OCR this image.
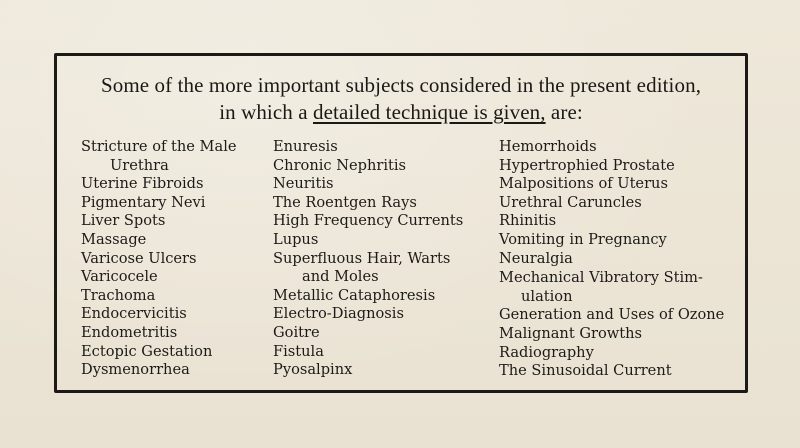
Some of the more important subjects considered in the present edition,
in which a detailed technique is given, are:
Stricture of the Male
Urethra
Uterine Fibroids
Pigmentary Nevi
Liver Spots
Massage
Varicose Ulcers
Varicocele
Trachoma
Endocervicitis
Endometritis
Ectopic Gestation
Dysmenorrhea
Enuresis
Chronic Nephritis
Neuritis
The Roentgen Rays
High Frequency Currents
Lupus
Superfluous Hair, Warts
and Moles
Metallic Cataphoresis
Electro-Diagnosis
Goitre
Fistula
Pyosalpinx
Hemorrhoids
Hypertrophied Prostate
Malpositions of Uterus
Urethral Caruncles
Rhinitis
Vomiting in Pregnancy
Neuralgia
Mechanical Vibratory Stim-
ulation
Generation and Uses of Ozone
Malignant Growths
Radiography
The Sinusoidal Current
